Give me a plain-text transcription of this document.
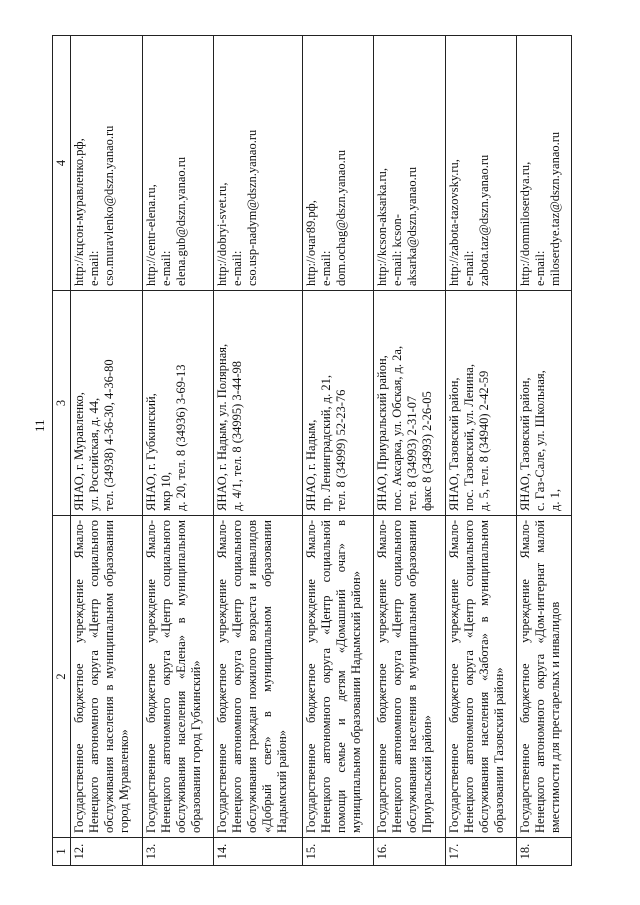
11
1	2	3	4
12.	Государственное бюджетное учреждение Ямало-Ненецкого автономного округа «Центр социального обслуживания населения в муниципальном образовании город Муравленко»	ЯНАО, г. Муравленко, ул. Российская, д. 44, тел. (34938) 4-36-30, 4-36-80	http://кцсон-муравленко.рф, e-mail: cso.muravlenko@dszn.yanao.ru

13.	Государственное бюджетное учреждение Ямало-Ненецкого автономного округа «Центр социального обслуживания населения «Елена» в муниципальном образовании город Губкинский»	ЯНАО, г. Губкинский, мкр 10, д. 20, тел. 8 (34936) 3-69-13	http://centr-elena.ru, e-mail: elena.gub@dszn.yanao.ru

14.	Государственное бюджетное учреждение Ямало-Ненецкого автономного округа «Центр социального обслуживания граждан пожилого возраста и инвалидов «Добрый свет» в муниципальном образовании Надымский район»	ЯНАО, г. Надым, ул. Полярная, д. 4/1, тел. 8 (34995) 3-44-98	http://dobryi-svet.ru, e-mail: cso.usp-nadym@dszn.yanao.ru

15.	Государственное бюджетное учреждение Ямало-Ненецкого автономного округа «Центр социальной помощи семье и детям «Домашний очаг» в муниципальном образовании Надымский район»	ЯНАО, г. Надым, пр. Ленинградский, д. 21, тел. 8 (34999) 52-23-76	http://очаг89.рф, e-mail: dom.ochag@dszn.yanao.ru

16.	Государственное бюджетное учреждение Ямало-Ненецкого автономного округа «Центр социального обслуживания населения в муниципальном образовании Приуральский район»	ЯНАО, Приуральский район, пос. Аксарка, ул. Обская, д. 2а, тел. 8 (34993) 2-31-07 факс 8 (34993) 2-26-05	http://kcson-aksarka.ru, e-mail: kcson- aksarka@dszn.yanao.ru

17.	Государственное бюджетное учреждение Ямало-Ненецкого автономного округа «Центр социального обслуживания населения «Забота» в муниципальном образовании Тазовский район»	ЯНАО, Тазовский район, пос. Тазовский, ул. Ленина, д. 5, тел. 8 (34940) 2-42-59	http://zabota-tazovsky.ru, e-mail: zabota.taz@dszn.yanao.ru

18.	Государственное бюджетное учреждение Ямало-Ненецкого автономного округа «Дом-интернат малой вместимости для престарелых и инвалидов	ЯНАО, Тазовский район, с. Газ-Сале, ул. Школьная, д. 1,	http://dommiloserdya.ru, e-mail: miloserdye.taz@dszn.yanao.ru
